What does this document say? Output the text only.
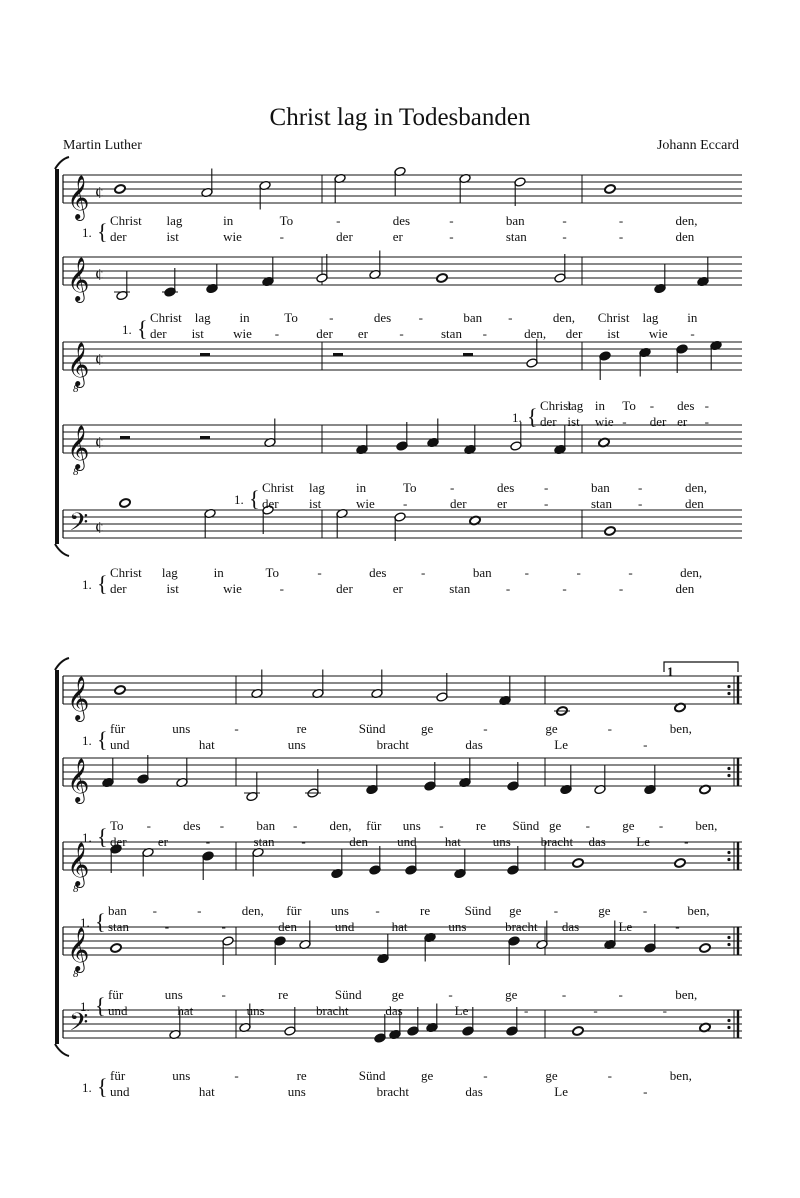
Christ lag in Todesbanden
Martin Luther	Johann Eccard
𝄞 ¢
{
𝄞 ¢
{
𝄞
8
¢
{
𝄞
8
¢
{
𝄢 ¢
{
1.
Christ lag	in	To	-	des	-	ban	-	-	den,
der	ist	wie	-	der	er	-	stan	-	-	den
1.
Christ lag in	To -	des -	ban -	den, Christ lag in
der ist wie -	der er -	stan -	den, der ist wie -
1.
Christ
lag in To - des -
der ist wie - der er -
1.
Christ lag in	To	-	des -	ban -	den,
der ist	wie -	der er	-	stan -	den
1.
Christ lag	in	To	-	des	-	ban	-	-	-	den,
der	ist	wie	-	der	er	stan	-	-	-	den
𝄞
{
𝄞
{
𝄞
8
{
𝄞
8
{
𝄢
{
1
1.
für	uns	-	re	Sünd	ge	-	ge	-	ben,
und	hat	uns	bracht	das	Le	-
1.
To - des - ban - den, für uns - re Sünd ge - ge - ben,
der er	-	stan -	den und hat uns bracht das Le	-
1.
ban -	-	den, für uns -	re	Sünd ge -	ge -	ben,
stan	-	-	den	und	hat	uns	bracht das	Le	-
1.
für	uns	-	re	Sünd ge	-	ge	-	-	ben,
und	hat	uns	bracht	das	Le	-	-	-
1.
für	uns	-	re	Sünd	ge	-	ge	-	ben,
und	hat	uns	bracht	das	Le	-
